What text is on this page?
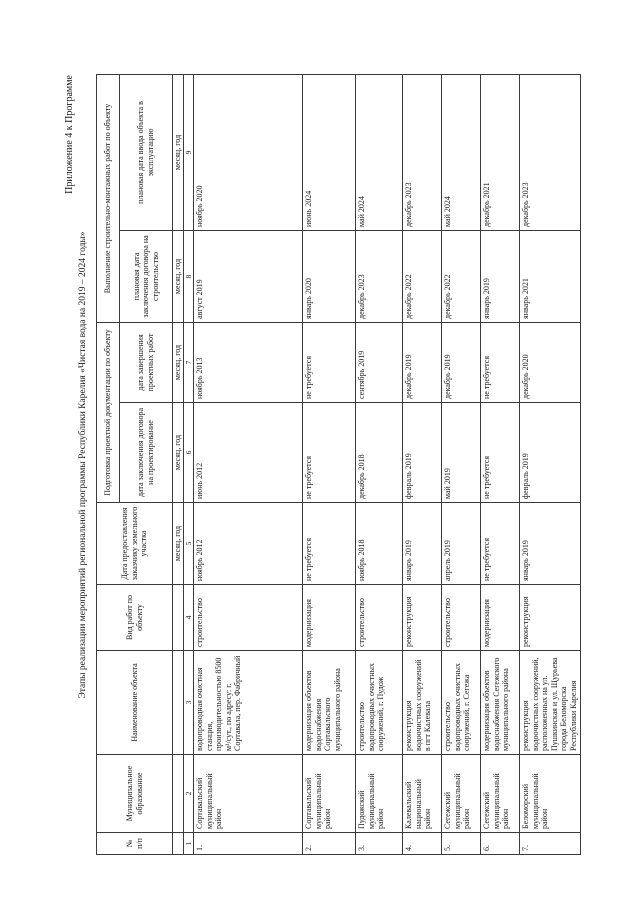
Приложение 4 к Программе
Этапы реализации мероприятий региональной программы Республики Карелия «Чистая вода на 2019 – 2024 годы»
№ п/п	Муниципальное образование	Наименование объекта	Вид работ по объекту	Дата предоставления заказчику земельного участка	Подготовка проектной документации по объекту		Выполнение строительно-монтажных работ по объекту	
					дата заключения договора на проектирование	дата завершения проектных работ	плановая дата заключения договора на строительство	плановая дата ввода объекта в эксплуатацию
				месяц, год	месяц, год	месяц, год	месяц, год	месяц, год
1	2	3	4	5	6	7	8	9
1.	Сортавальский муниципальный район	водопроводная очистная станция, производительностью 8500 м³/сут., по адресу: г. Сортавала, пер. Фабричный	строительство	ноябрь 2012	июнь 2012	ноябрь 2013	август 2019	ноябрь 2020
2.	Сортавальский муниципальный район	модернизация объектов водоснабжения Сортавальского муниципального района	модернизация	не требуется	не требуется	не требуется	январь 2020	июнь 2024
3.	Пудожский муниципальный район	строительство водопроводных очистных сооружений, г. Пудож	строительство	ноябрь 2018	декабрь 2018	сентябрь 2019	декабрь 2023	май 2024
4.	Калевальский национальный район	реконструкция водоочистных сооружений в пгт Калевала	реконструкция	январь 2019	февраль 2019	декабрь 2019	декабрь 2022	декабрь 2023
5.	Сегежский муниципальный район	строительство водопроводных очистных сооружений, г. Сегежа	строительство	апрель 2019	май 2019	декабрь 2019	декабрь 2022	май 2024
6.	Сегежский муниципальный район	модернизация объектов водоснабжения Сегежского муниципального района	модернизация	не требуется	не требуется	не требуется	январь 2019	декабрь 2021
7.	Беломорский муниципальный район	реконструкция водоочистных сооружений, расположенных на ул. Пушкинская и ул. Щурьева города Беломорска Республики Карелия	реконструкция	январь 2019	февраль 2019	декабрь 2020	январь 2021	декабрь 2023
